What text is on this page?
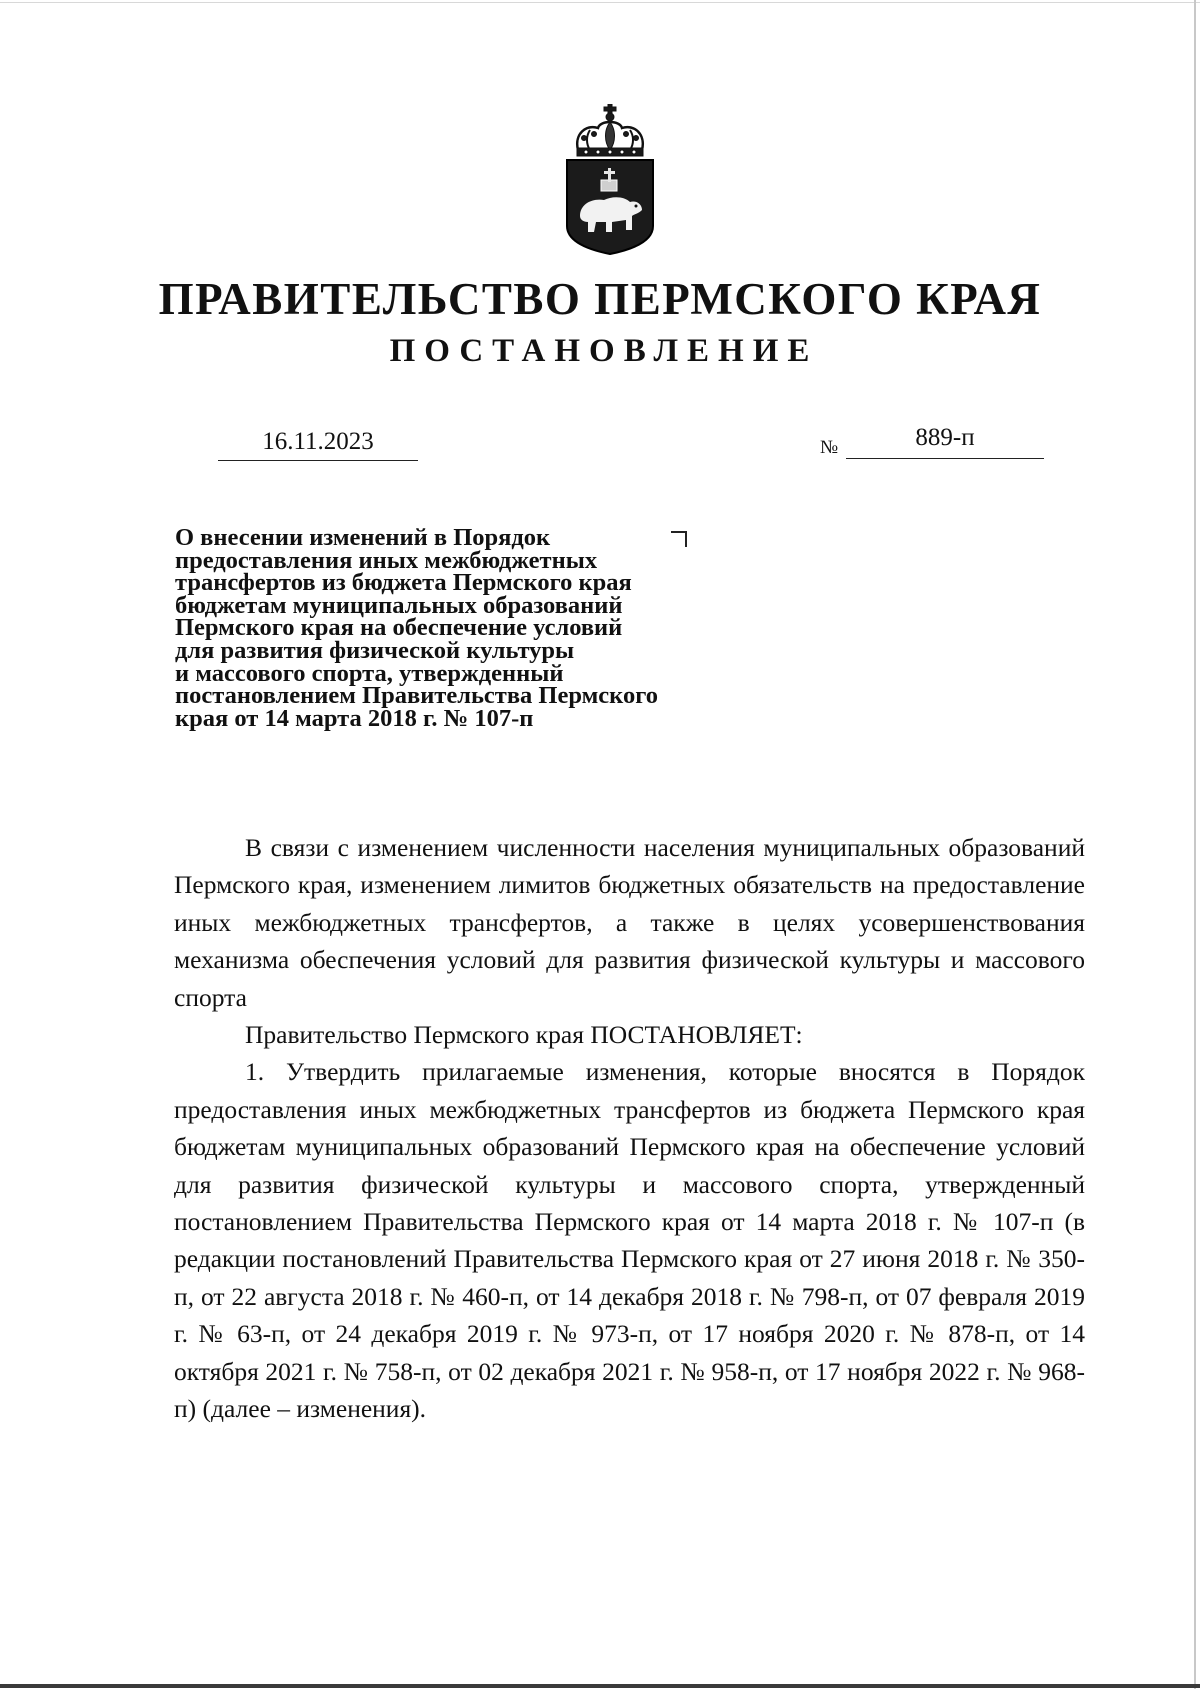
ПРАВИТЕЛЬСТВО ПЕРМСКОГО КРАЯ
ПОСТАНОВЛЕНИЕ
16.11.2023	№	889-п
О внесении изменений в Порядок
предоставления иных межбюджетных
трансфертов из бюджета Пермского края
бюджетам муниципальных образований
Пермского края на обеспечение условий
для развития физической культуры
и массового спорта, утвержденный
постановлением Правительства Пермского
края от 14 марта 2018 г. № 107-п

В связи с изменением численности населения муниципальных образований Пермского края, изменением лимитов бюджетных обязательств на предоставление иных межбюджетных трансфертов, а также в целях усовершенствования механизма обеспечения условий для развития физической культуры и массового спорта

Правительство Пермского края ПОСТАНОВЛЯЕТ:

1. Утвердить прилагаемые изменения, которые вносятся в Порядок предоставления иных межбюджетных трансфертов из бюджета Пермского края бюджетам муниципальных образований Пермского края на обеспечение условий для развития физической культуры и массового спорта, утвержденный постановлением Правительства Пермского края от 14 марта 2018 г. № 107-п (в редакции постановлений Правительства Пермского края от 27 июня 2018 г. № 350-п, от 22 августа 2018 г. № 460-п, от 14 декабря 2018 г. № 798-п, от 07 февраля 2019 г. № 63-п, от 24 декабря 2019 г. № 973-п, от 17 ноября 2020 г. № 878-п, от 14 октября 2021 г. № 758-п, от 02 декабря 2021 г. № 958-п, от 17 ноября 2022 г. № 968-п) (далее – изменения).
